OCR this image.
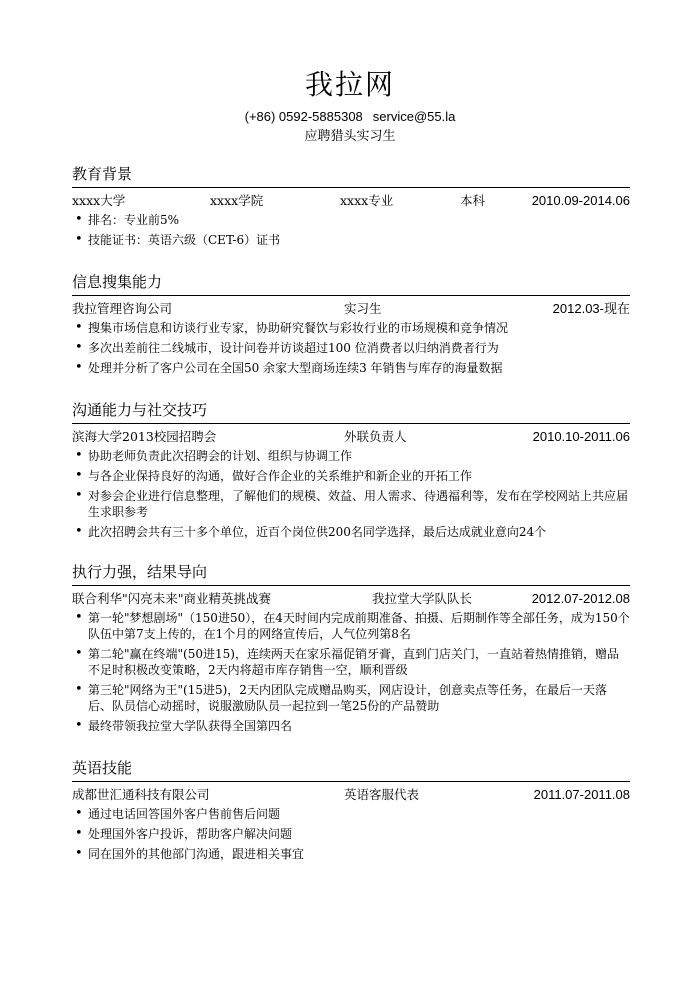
我拉网
(+86) 0592-5885308 service@55.la
应聘猎头实习生
教育背景
xxxx大学	xxxx学院	xxxx专业	本科	2010.09-2014.06
• 排名：专业前5%
• 技能证书：英语六级（CET-6）证书
信息搜集能力
我拉管理咨询公司	实习生	2012.03-现在
• 搜集市场信息和访谈行业专家，协助研究餐饮与彩妆行业的市场规模和竞争情况
• 多次出差前往二线城市，设计问卷并访谈超过100 位消费者以归纳消费者行为
• 处理并分析了客户公司在全国50 余家大型商场连续3 年销售与库存的海量数据
沟通能力与社交技巧
滨海大学2013校园招聘会	外联负责人	2010.10-2011.06
• 协助老师负责此次招聘会的计划、组织与协调工作
• 与各企业保持良好的沟通，做好合作企业的关系维护和新企业的开拓工作
• 对参会企业进行信息整理，了解他们的规模、效益、用人需求、待遇福利等，发布在学校网站上共应届生求职参考
• 此次招聘会共有三十多个单位，近百个岗位供200名同学选择，最后达成就业意向24个
执行力强，结果导向
联合利华"闪亮未来"商业精英挑战赛	我拉堂大学队队长	2012.07-2012.08
• 第一轮"梦想剧场"（150进50），在4天时间内完成前期准备、拍摄、后期制作等全部任务，成为150个队伍中第7支上传的，在1个月的网络宣传后，人气位列第8名
• 第二轮"赢在终端"(50进15)，连续两天在家乐福促销牙膏，直到门店关门，一直站着热情推销，赠品不足时积极改变策略，2天内将超市库存销售一空，顺利晋级
• 第三轮"网络为王"(15进5)，2天内团队完成赠品购买，网店设计，创意卖点等任务，在最后一天落后、队员信心动摇时，说服激励队员一起拉到一笔25份的产品赞助
• 最终带领我拉堂大学队获得全国第四名
英语技能
成都世汇通科技有限公司	英语客服代表	2011.07-2011.08
• 通过电话回答国外客户售前售后问题
• 处理国外客户投诉，帮助客户解决问题
• 同在国外的其他部门沟通，跟进相关事宜
